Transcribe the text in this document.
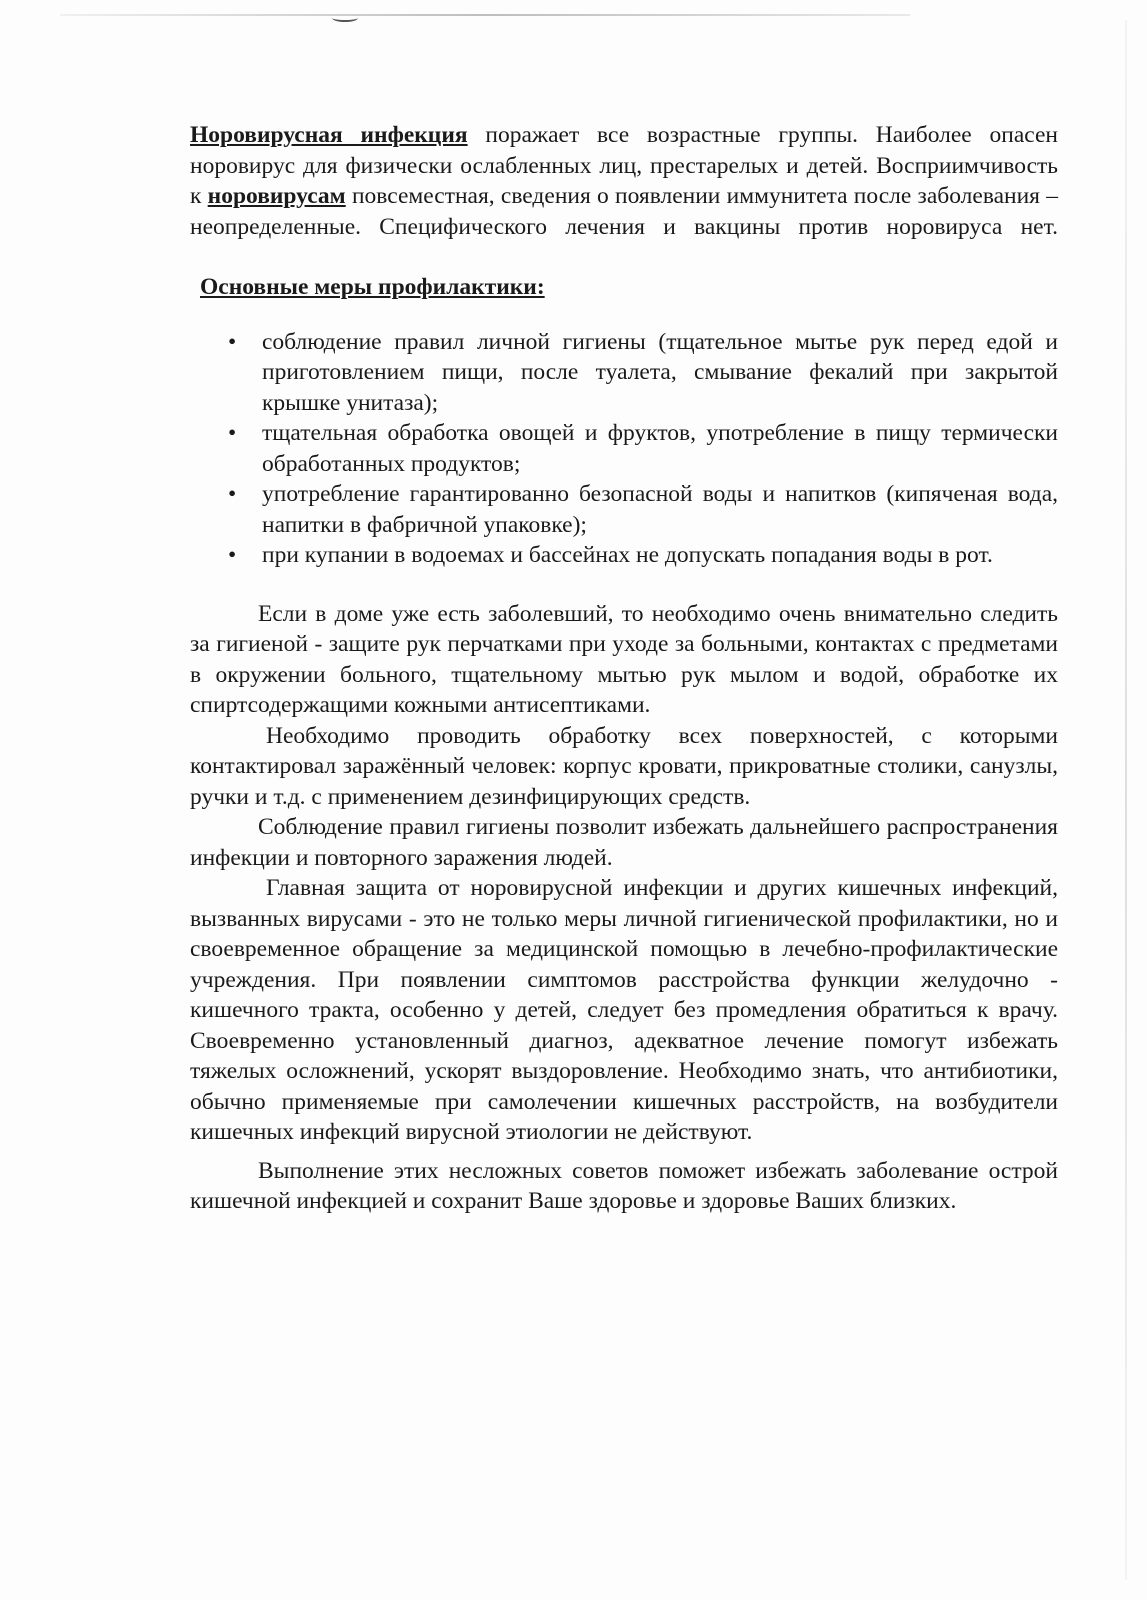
Норовирусная инфекция поражает все возрастные группы. Наиболее опасен норовирус для физически ослабленных лиц, престарелых и детей. Восприимчивость к норовирусам повсеместная, сведения о появлении иммунитета после заболевания – неопределенные. Специфического лечения и вакцины против норовируса нет.

Основные меры профилактики:
• соблюдение правил личной гигиены (тщательное мытье рук перед едой и приготовлением пищи, после туалета, смывание фекалий при закрытой крышке унитаза);
• тщательная обработка овощей и фруктов, употребление в пищу термически обработанных продуктов;
• употребление гарантированно безопасной воды и напитков (кипяченая вода, напитки в фабричной упаковке);
• при купании в водоемах и бассейнах не допускать попадания воды в рот.

Если в доме уже есть заболевший, то необходимо очень внимательно следить за гигиеной - защите рук перчатками при уходе за больными, контактах с предметами в окружении больного, тщательному мытью рук мылом и водой, обработке их спиртсодержащими кожными антисептиками.

Необходимо проводить обработку всех поверхностей, с которыми контактировал заражённый человек: корпус кровати, прикроватные столики, санузлы, ручки и т.д. с применением дезинфицирующих средств.

Соблюдение правил гигиены позволит избежать дальнейшего распространения инфекции и повторного заражения людей.

Главная защита от норовирусной инфекции и других кишечных инфекций, вызванных вирусами - это не только меры личной гигиенической профилактики, но и своевременное обращение за медицинской помощью в лечебно-профилактические учреждения. При появлении симптомов расстройства функции желудочно - кишечного тракта, особенно у детей, следует без промедления обратиться к врачу. Своевременно установленный диагноз, адекватное лечение помогут избежать тяжелых осложнений, ускорят выздоровление. Необходимо знать, что антибиотики, обычно применяемые при самолечении кишечных расстройств, на возбудители кишечных инфекций вирусной этиологии не действуют.

Выполнение этих несложных советов поможет избежать заболевание острой кишечной инфекцией и сохранит Ваше здоровье и здоровье Ваших близких.
